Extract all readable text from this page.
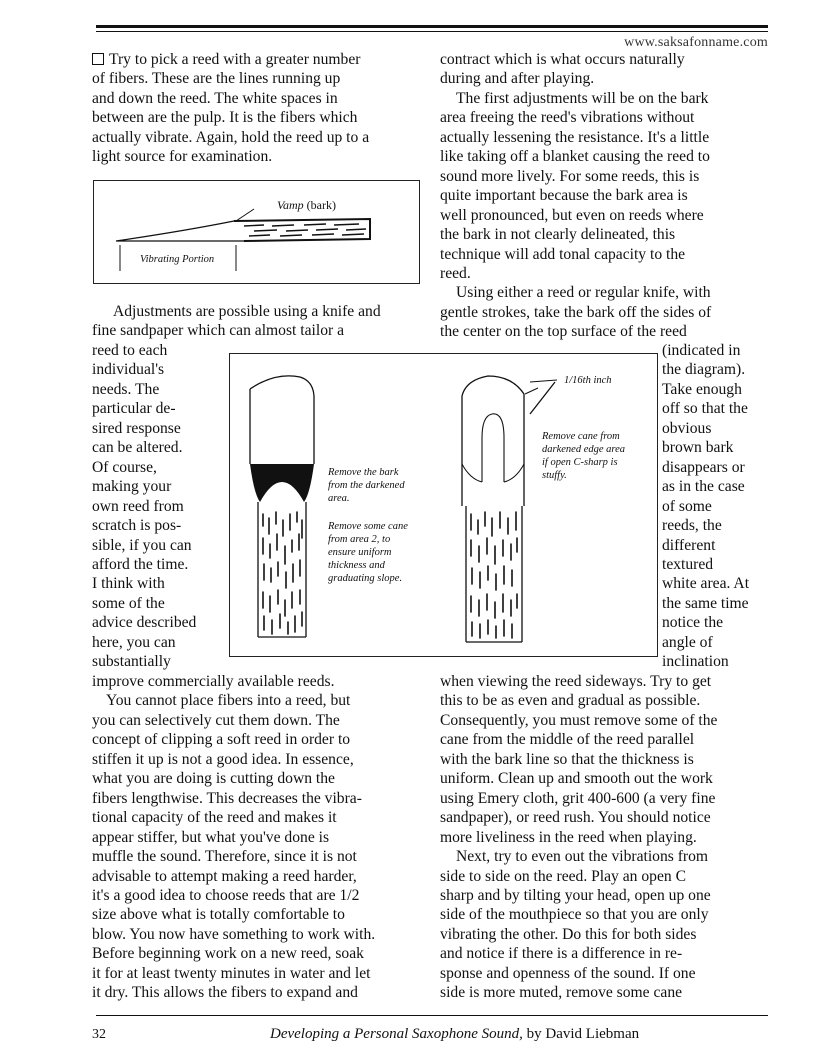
www.saksafonname.com
Try to pick a reed with a greater number
of fibers. These are the lines running up
and down the reed. The white spaces in
between are the pulp. It is the fibers which
actually vibrate. Again, hold the reed up to a
light source for examination.
Vamp (bark)
Vibrating Portion
Adjustments are possible using a knife and
fine sandpaper which can almost tailor a
reed to each
individual's
needs. The
particular de-
sired response
can be altered.
Of course,
making your
own reed from
scratch is pos-
sible, if you can
afford the time.
I think with
some of the
advice described
here, you can
substantially
improve commercially available reeds.
You cannot place fibers into a reed, but
you can selectively cut them down. The
concept of clipping a soft reed in order to
stiffen it up is not a good idea. In essence,
what you are doing is cutting down the
fibers lengthwise. This decreases the vibra-
tional capacity of the reed and makes it
appear stiffer, but what you've done is
muffle the sound. Therefore, since it is not
advisable to attempt making a reed harder,
it's a good idea to choose reeds that are 1/2
size above what is totally comfortable to
blow. You now have something to work with.
Before beginning work on a new reed, soak
it for at least twenty minutes in water and let
it dry. This allows the fibers to expand and
contract which is what occurs naturally
during and after playing.
The first adjustments will be on the bark
area freeing the reed's vibrations without
actually lessening the resistance. It's a little
like taking off a blanket causing the reed to
sound more lively. For some reeds, this is
quite important because the bark area is
well pronounced, but even on reeds where
the bark in not clearly delineated, this
technique will add tonal capacity to the
reed.
Using either a reed or regular knife, with
gentle strokes, take the bark off the sides of
the center on the top surface of the reed
(indicated in
the diagram).
Take enough
off so that the
obvious
brown bark
disappears or
as in the case
of some
reeds, the
different
textured
white area. At
the same time
notice the
angle of
inclination
when viewing the reed sideways. Try to get
this to be as even and gradual as possible.
Consequently, you must remove some of the
cane from the middle of the reed parallel
with the bark line so that the thickness is
uniform. Clean up and smooth out the work
using Emery cloth, grit 400-600 (a very fine
sandpaper), or reed rush. You should notice
more liveliness in the reed when playing.
Next, try to even out the vibrations from
side to side on the reed. Play an open C
sharp and by tilting your head, open up one
side of the mouthpiece so that you are only
vibrating the other. Do this for both sides
and notice if there is a difference in re-
sponse and openness of the sound. If one
side is more muted, remove some cane
2	Remove the bark
from the darkened
area.
Remove some cane
from area 2, to
ensure uniform
thickness and
graduating slope.
1/16th inch
Remove cane from
darkened edge area
if open C-sharp is
stuffy.
32	Developing a Personal Saxophone Sound, by David Liebman
